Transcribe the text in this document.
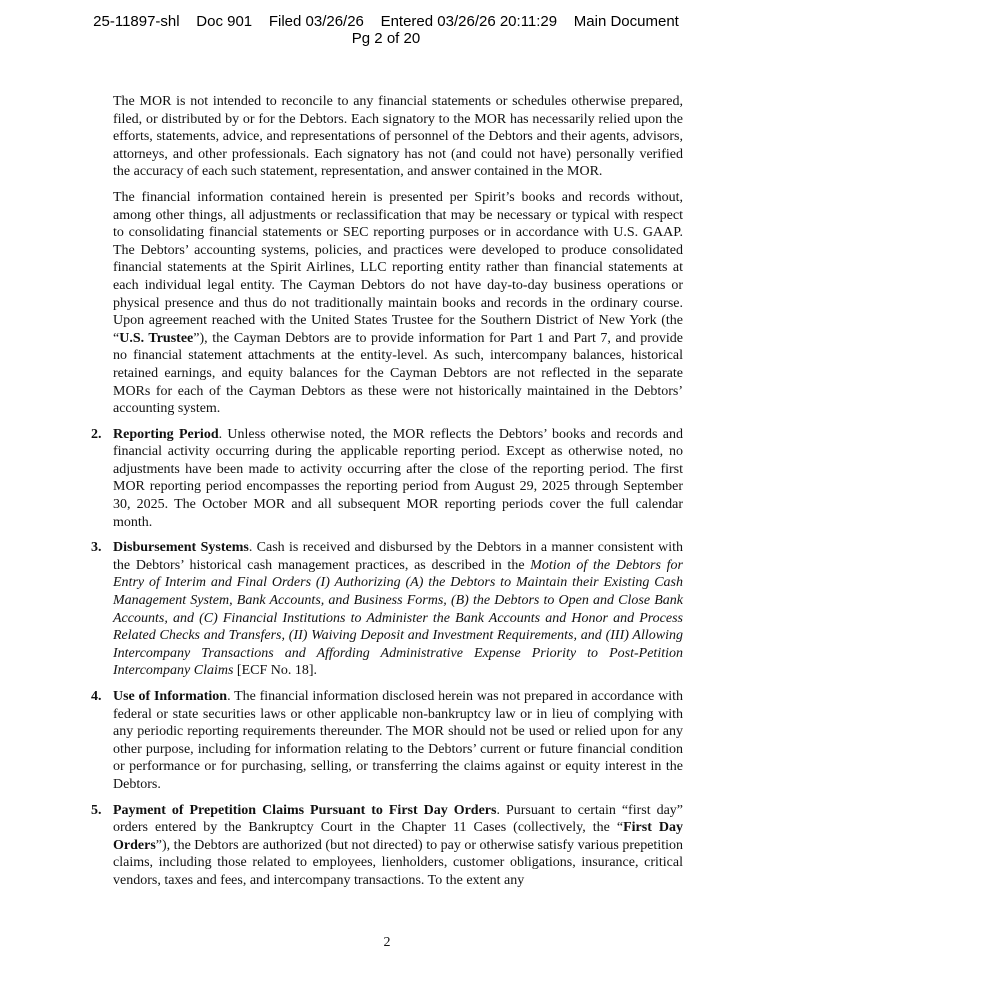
25-11897-shl Doc 901 Filed 03/26/26 Entered 03/26/26 20:11:29 Main Document
Pg 2 of 20

The MOR is not intended to reconcile to any financial statements or schedules otherwise prepared, filed, or distributed by or for the Debtors. Each signatory to the MOR has necessarily relied upon the efforts, statements, advice, and representations of personnel of the Debtors and their agents, advisors, attorneys, and other professionals. Each signatory has not (and could not have) personally verified the accuracy of each such statement, representation, and answer contained in the MOR.

The financial information contained herein is presented per Spirit’s books and records without, among other things, all adjustments or reclassification that may be necessary or typical with respect to consolidating financial statements or SEC reporting purposes or in accordance with U.S. GAAP. The Debtors’ accounting systems, policies, and practices were developed to produce consolidated financial statements at the Spirit Airlines, LLC reporting entity rather than financial statements at each individual legal entity. The Cayman Debtors do not have day-to-day business operations or physical presence and thus do not traditionally maintain books and records in the ordinary course. Upon agreement reached with the United States Trustee for the Southern District of New York (the “U.S. Trustee”), the Cayman Debtors are to provide information for Part 1 and Part 7, and provide no financial statement attachments at the entity-level. As such, intercompany balances, historical retained earnings, and equity balances for the Cayman Debtors are not reflected in the separate MORs for each of the Cayman Debtors as these were not historically maintained in the Debtors’ accounting system.

2. Reporting Period. Unless otherwise noted, the MOR reflects the Debtors’ books and records and financial activity occurring during the applicable reporting period. Except as otherwise noted, no adjustments have been made to activity occurring after the close of the reporting period. The first MOR reporting period encompasses the reporting period from August 29, 2025 through September 30, 2025. The October MOR and all subsequent MOR reporting periods cover the full calendar month.
3. Disbursement Systems. Cash is received and disbursed by the Debtors in a manner consistent with the Debtors’ historical cash management practices, as described in the Motion of the Debtors for Entry of Interim and Final Orders (I) Authorizing (A) the Debtors to Maintain their Existing Cash Management System, Bank Accounts, and Business Forms, (B) the Debtors to Open and Close Bank Accounts, and (C) Financial Institutions to Administer the Bank Accounts and Honor and Process Related Checks and Transfers, (II) Waiving Deposit and Investment Requirements, and (III) Allowing Intercompany Transactions and Affording Administrative Expense Priority to Post-Petition Intercompany Claims [ECF No. 18].
4. Use of Information. The financial information disclosed herein was not prepared in accordance with federal or state securities laws or other applicable non-bankruptcy law or in lieu of complying with any periodic reporting requirements thereunder. The MOR should not be used or relied upon for any other purpose, including for information relating to the Debtors’ current or future financial condition or performance or for purchasing, selling, or transferring the claims against or equity interest in the Debtors.
5. Payment of Prepetition Claims Pursuant to First Day Orders. Pursuant to certain “first day” orders entered by the Bankruptcy Court in the Chapter 11 Cases (collectively, the “First Day Orders”), the Debtors are authorized (but not directed) to pay or otherwise satisfy various prepetition claims, including those related to employees, lienholders, customer obligations, insurance, critical vendors, taxes and fees, and intercompany transactions. To the extent any
2
